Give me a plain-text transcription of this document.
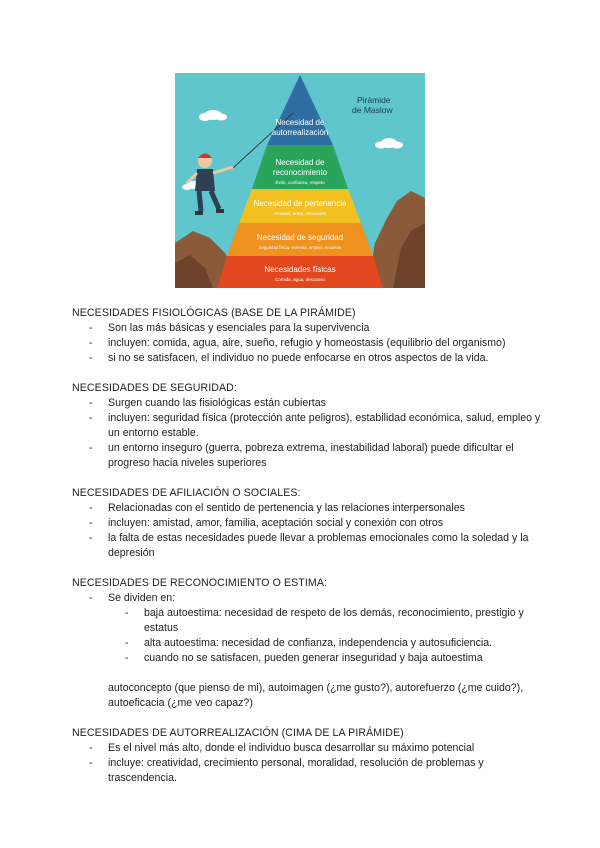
Pirámide
de Maslow
Necesidad de
autorrealización
Necesidad de
reconocimiento
Éxito, confianza, respeto
Necesidad de pertenencia
Amistad, amor, relaciones
Necesidad de seguridad
Seguridad física, vivienda, empleo, recursos
Necesidades físicas
Comida, agua, descanso
NECESIDADES FISIOLÓGICAS (BASE DE LA PIRÁMIDE)
- Son las más básicas y esenciales para la supervivencia
- incluyen: comida, agua, aire, sueño, refugio y homeostasis (equilibrio del organismo)
- si no se satisfacen, el individuo no puede enfocarse en otros aspectos de la vida.
NECESIDADES DE SEGURIDAD:
- Surgen cuando las fisiológicas están cubiertas
- incluyen: seguridad física (protección ante peligros), estabilidad económica, salud, empleo y un entorno estable.
- un entorno inseguro (guerra, pobreza extrema, inestabilidad laboral) puede dificultar el progreso hacia niveles superiores
NECESIDADES DE AFILIACIÓN O SOCIALES:
- Relacionadas con el sentido de pertenencia y las relaciones interpersonales
- incluyen: amistad, amor, familia, aceptación social y conexión con otros
- la falta de estas necesidades puede llevar a problemas emocionales como la soledad y la depresión
NECESIDADES DE RECONOCIMIENTO O ESTIMA:
- Se dividen en:
- baja autoestima: necesidad de respeto de los demás, reconocimiento, prestigio y estatus
- alta autoestima: necesidad de confianza, independencia y autosuficiencia.
- cuando no se satisfacen, pueden generar inseguridad y baja autoestima
autoconcepto (que pienso de mi), autoimagen (¿me gusto?), autorefuerzo (¿me cuido?), autoeficacia (¿me veo capaz?)
NECESIDADES DE AUTORREALIZACIÓN (CIMA DE LA PIRÁMIDE)
- Es el nivel más alto, donde el individuo busca desarrollar su máximo potencial
- incluye: creatividad, crecimiento personal, moralidad, resolución de problemas y trascendencia.
